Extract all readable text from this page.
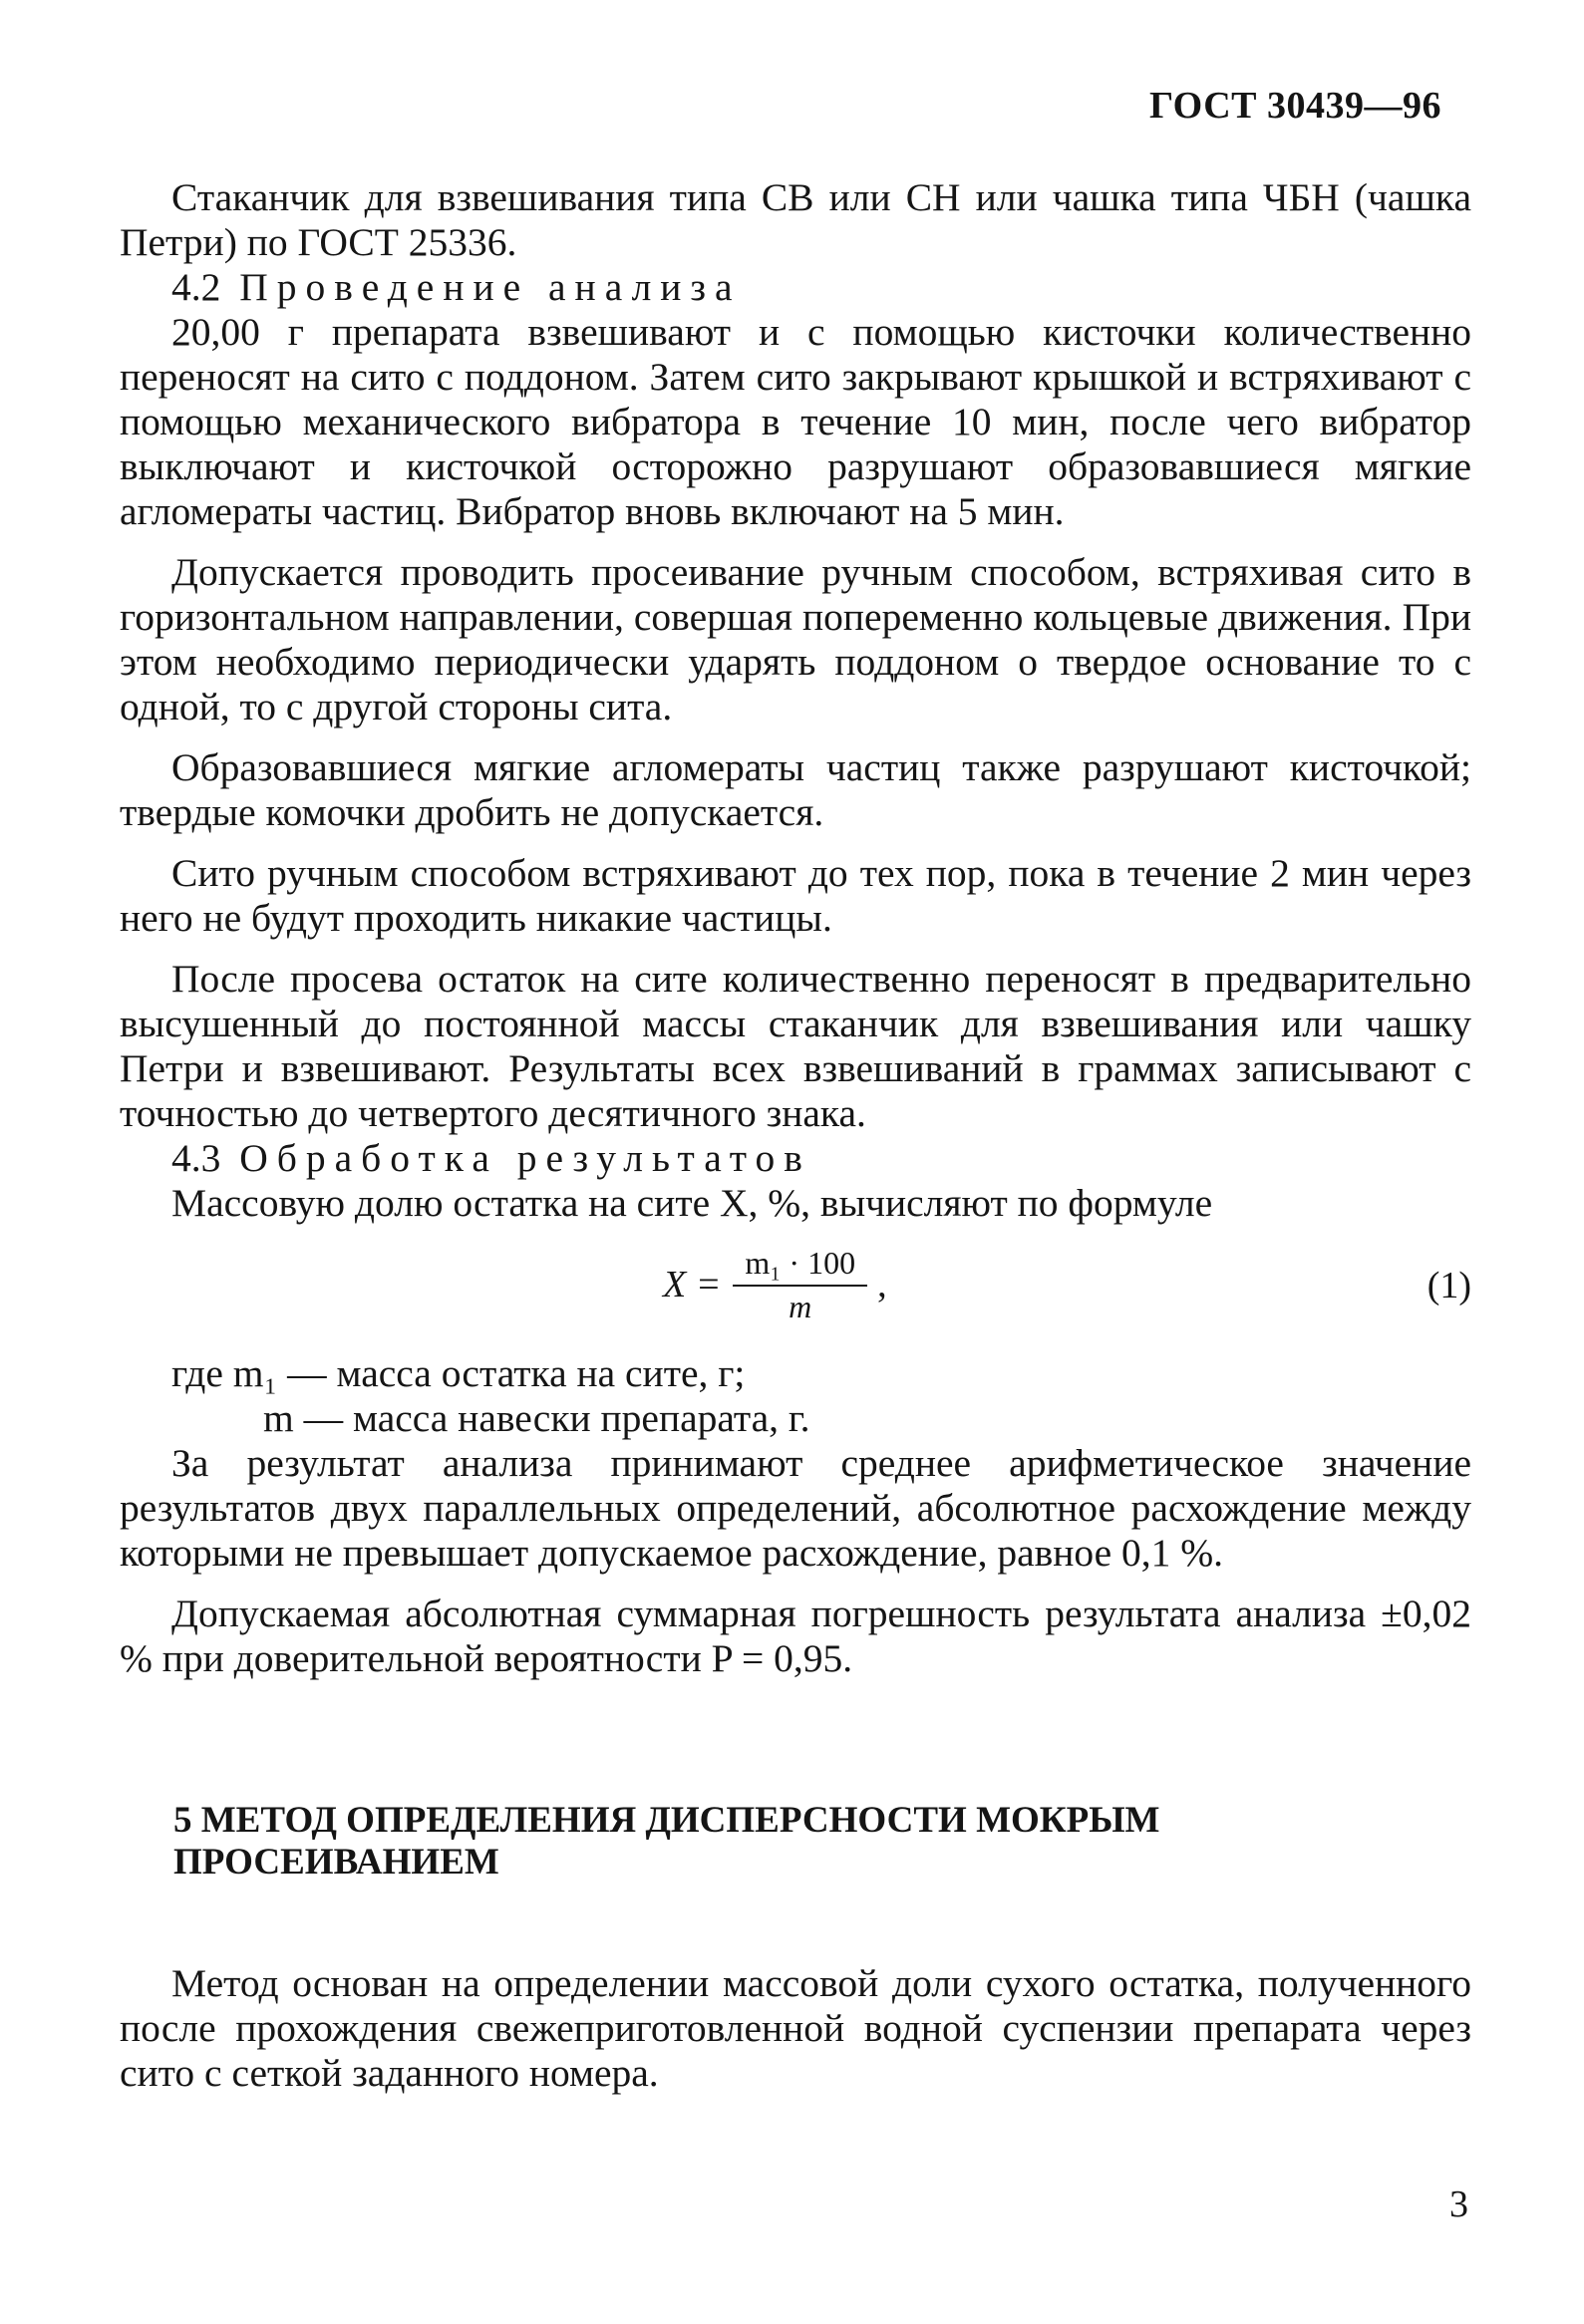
ГОСТ 30439—96

Стаканчик для взвешивания типа СВ или СН или чашка типа ЧБН (чашка Петри) по ГОСТ 25336.

4.2 Проведение анализа

20,00 г препарата взвешивают и с помощью кисточки количественно переносят на сито с поддоном. Затем сито закрывают крышкой и встряхивают с помощью механического вибратора в течение 10 мин, после чего вибратор выключают и кисточкой осторожно разрушают образовавшиеся мягкие агломераты частиц. Вибратор вновь включают на 5 мин.

Допускается проводить просеивание ручным способом, встряхивая сито в горизонтальном направлении, совершая попеременно кольцевые движения. При этом необходимо периодически ударять поддоном о твердое основание то с одной, то с другой стороны сита.

Образовавшиеся мягкие агломераты частиц также разрушают кисточкой; твердые комочки дробить не допускается.

Сито ручным способом встряхивают до тех пор, пока в течение 2 мин через него не будут проходить никакие частицы.

После просева остаток на сите количественно переносят в предварительно высушенный до постоянной массы стаканчик для взвешивания или чашку Петри и взвешивают. Результаты всех взвешиваний в граммах записывают с точностью до четвертого десятичного знака.

4.3 Обработка результатов

Массовую долю остатка на сите X, %, вычисляют по формуле

$X = \frac{\text{m₁ · 100}}{m}$ ,	(1)

где m₁ — масса остатка на сите, г;

m — масса навески препарата, г.

За результат анализа принимают среднее арифметическое значение результатов двух параллельных определений, абсолютное расхождение между которыми не превышает допускаемое расхождение, равное 0,1 %.

Допускаемая абсолютная суммарная погрешность результата анализа ±0,02 % при доверительной вероятности P = 0,95.

5 МЕТОД ОПРЕДЕЛЕНИЯ ДИСПЕРСНОСТИ МОКРЫМ ПРОСЕИВАНИЕМ

Метод основан на определении массовой доли сухого остатка, полученного после прохождения свежеприготовленной водной суспензии препарата через сито с сеткой заданного номера.

3
